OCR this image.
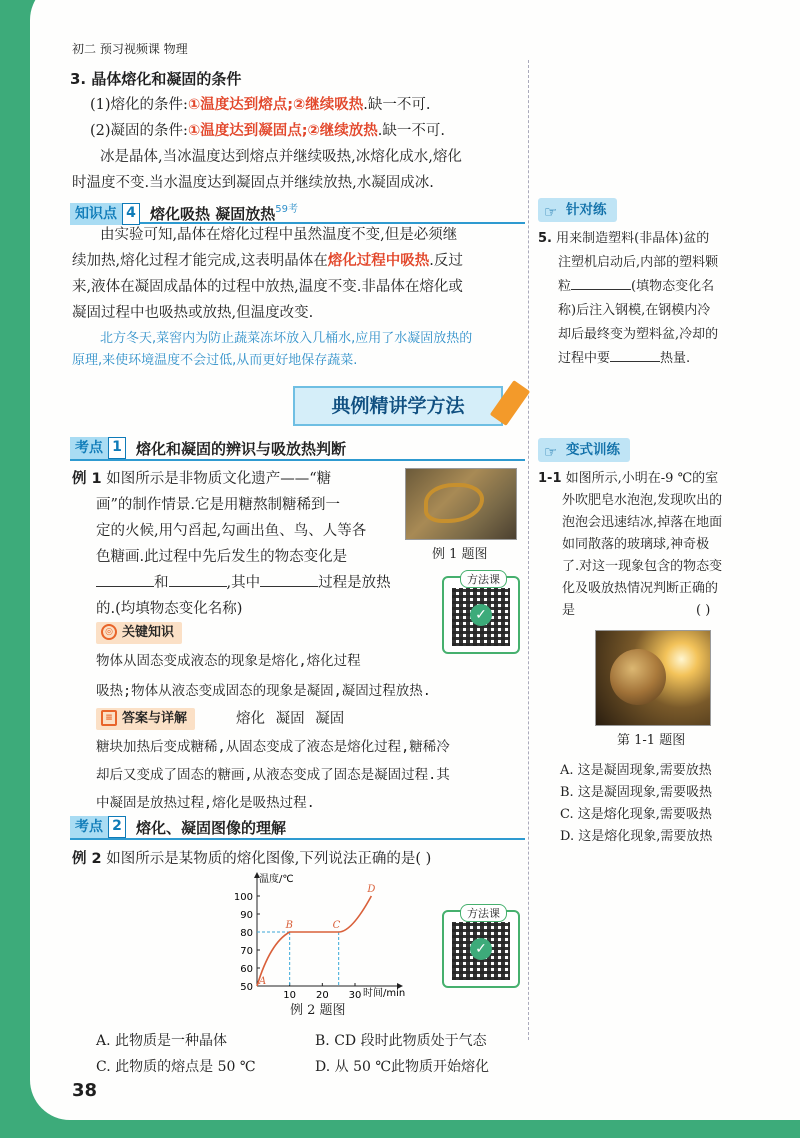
初二 预习视频课 物理
3. 晶体熔化和凝固的条件
(1)熔化的条件:①温度达到熔点;②继续吸热.缺一不可.
(2)凝固的条件:①温度达到凝固点;②继续放热.缺一不可.
冰是晶体,当冰温度达到熔点并继续吸热,冰熔化成水,熔化
时温度不变.当水温度达到凝固点并继续放热,水凝固成冰.
知识点 4 熔化吸热 凝固放热$^{59考}$
由实验可知,晶体在熔化过程中虽然温度不变,但是必须继
续加热,熔化过程才能完成,这表明晶体在熔化过程中吸热.反过
来,液体在凝固成晶体的过程中放热,温度不变.非晶体在熔化或
凝固过程中也吸热或放热,但温度改变.
北方冬天,菜窖内为防止蔬菜冻坏放入几桶水,应用了水凝固放热的
原理,来使环境温度不会过低,从而更好地保存蔬菜.
☞ 针对练
5. 用来制造塑料(非晶体)盆的
注塑机启动后,内部的塑料颗
粒	(填物态变化名
称)后注入钢模,在钢模内冷
却后最终变为塑料盆,冷却的
过程中要	热量.
典例精讲学方法
考点 1 熔化和凝固的辨识与吸放热判断
例 1 如图所示是非物质文化遗产——“糖
画”的制作情景.它是用糖熬制糖稀到一
定的火候,用勺舀起,勾画出鱼、鸟、人等各
色糖画.此过程中先后发生的物态变化是
和	,其中	过程是放热
的.(均填物态变化名称)
例 1 题图
✓
方法课
◎ 关键知识
物体从固态变成液态的现象是熔化,熔化过程
吸热;物体从液态变成固态的现象是凝固,凝固过程放热.
≡ 答案与详解	熔化 凝固 凝固
糖块加热后变成糖稀,从固态变成了液态是熔化过程,糖稀冷
却后又变成了固态的糖画,从液态变成了固态是凝固过程.其
中凝固是放热过程,熔化是吸热过程.
☞ 变式训练
1-1 如图所示,小明在-9 ℃的室
外吹肥皂水泡泡,发现吹出的
泡泡会迅速结冰,掉落在地面
如同散落的玻璃球,神奇极
了.对这一现象包含的物态变
化及吸放热情况判断正确的
是	( )
第 1-1 题图
A. 这是凝固现象,需要放热
B. 这是凝固现象,需要吸热
C. 这是熔化现象,需要吸热
D. 这是熔化现象,需要放热
考点 2 熔化、凝固图像的理解
例 2 如图所示是某物质的熔化图像,下列说法正确的是( )
温度/℃
时间/min
50
60
70
80
90
100
10 20 30
A
B	C
D
例 2 题图
✓
方法课
A. 此物质是一种晶体	B. CD 段时此物质处于气态
C. 此物质的熔点是 50 ℃	D. 从 50 ℃此物质开始熔化
38
